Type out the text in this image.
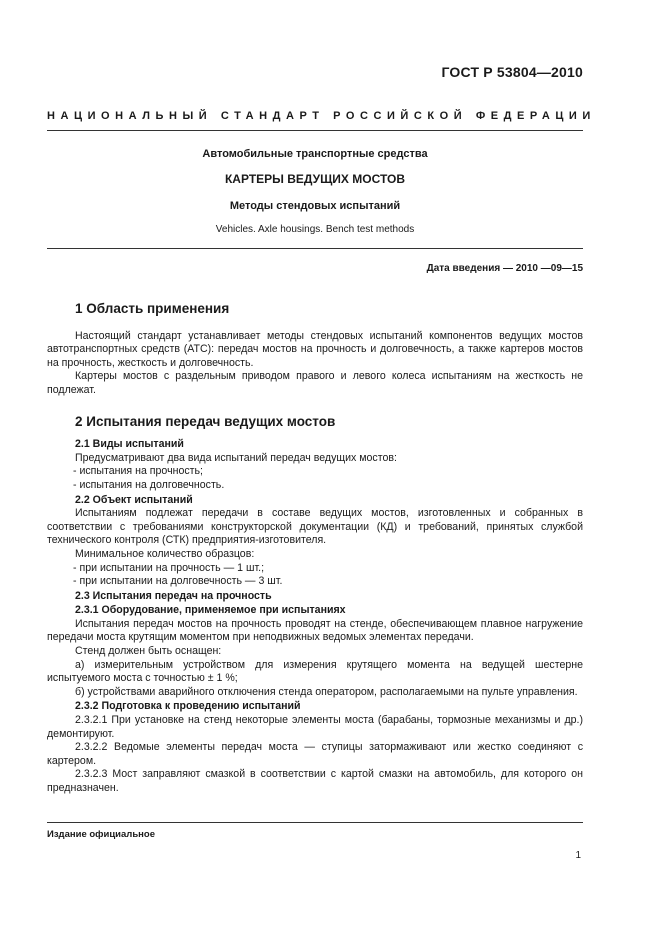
ГОСТ Р 53804—2010
НАЦИОНАЛЬНЫЙ СТАНДАРТ РОССИЙСКОЙ ФЕДЕРАЦИИ
Автомобильные транспортные средства
КАРТЕРЫ ВЕДУЩИХ МОСТОВ
Методы стендовых испытаний
Vehicles. Axle housings. Bench test methods
Дата введения — 2010 —09—15
1 Область применения

Настоящий стандарт устанавливает методы стендовых испытаний компонентов ведущих мостов автотранспортных средств (АТС): передач мостов на прочность и долговечность, а также картеров мостов на прочность, жесткость и долговечность.

Картеры мостов с раздельным приводом правого и левого колеса испытаниям на жесткость не подлежат.

2 Испытания передач ведущих мостов
2.1 Виды испытаний

Предусматривают два вида испытаний передач ведущих мостов:

- испытания на прочность;

- испытания на долговечность.

2.2 Объект испытаний

Испытаниям подлежат передачи в составе ведущих мостов, изготовленных и собранных в соответствии с требованиями конструкторской документации (КД) и требований, принятых службой технического контроля (СТК) предприятия-изготовителя.

Минимальное количество образцов:

- при испытании на прочность — 1 шт.;

- при испытании на долговечность — 3 шт.

2.3 Испытания передач на прочность
2.3.1 Оборудование, применяемое при испытаниях

Испытания передач мостов на прочность проводят на стенде, обеспечивающем плавное нагружение передачи моста крутящим моментом при неподвижных ведомых элементах передачи.

Стенд должен быть оснащен:

а) измерительным устройством для измерения крутящего момента на ведущей шестерне испытуемого моста с точностью ± 1 %;

б) устройствами аварийного отключения стенда оператором, располагаемыми на пульте управления.

2.3.2 Подготовка к проведению испытаний

2.3.2.1 При установке на стенд некоторые элементы моста (барабаны, тормозные механизмы и др.) демонтируют.

2.3.2.2 Ведомые элементы передач моста — ступицы затормаживают или жестко соединяют с картером.

2.3.2.3 Мост заправляют смазкой в соответствии с картой смазки на автомобиль, для которого он предназначен.

Издание официальное
1
